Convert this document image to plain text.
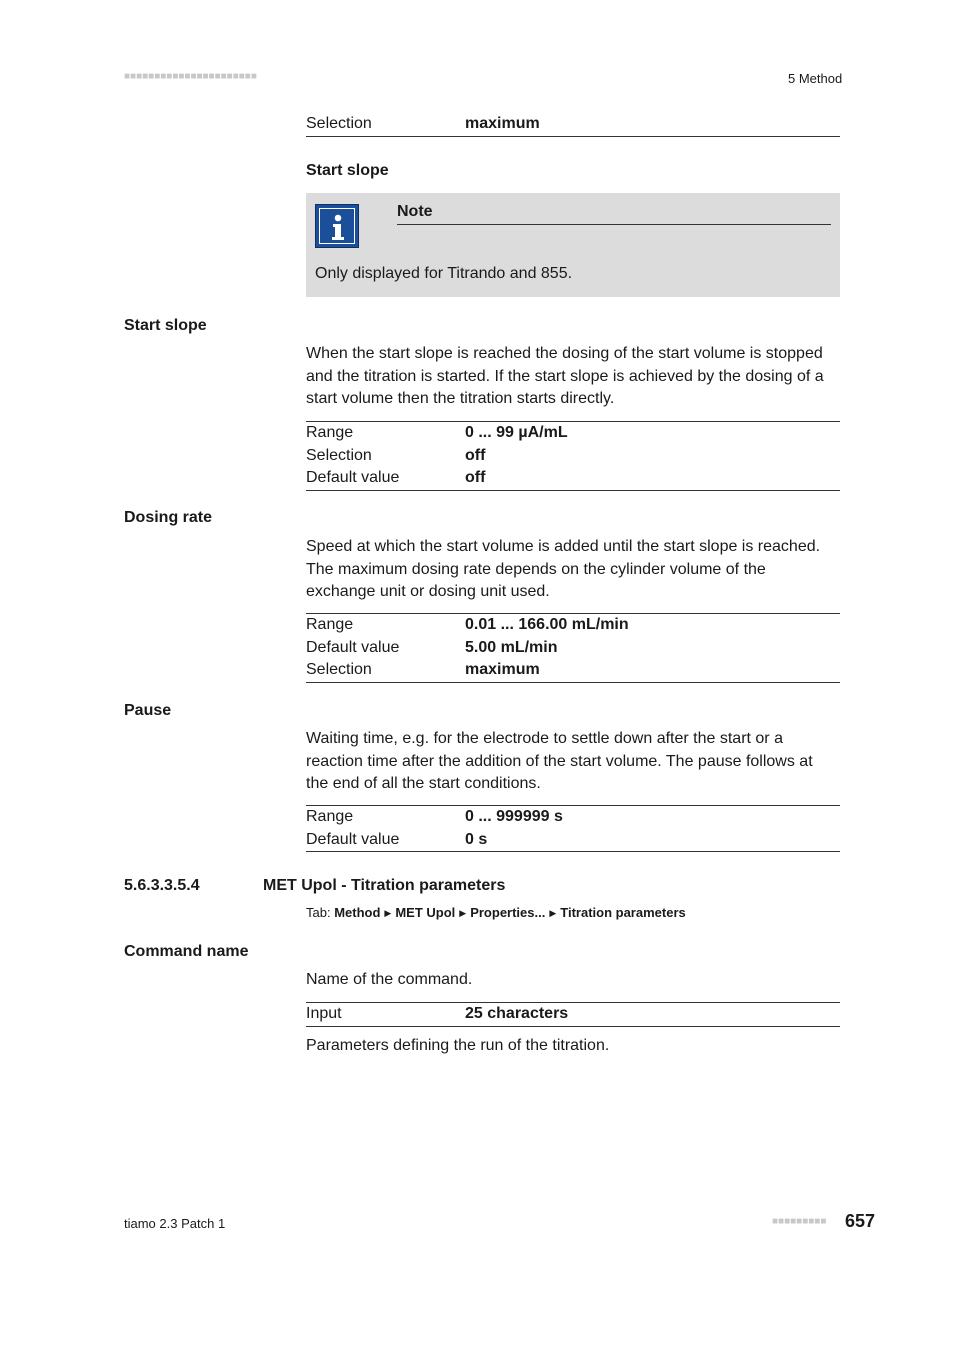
■■■■■■■■■■■■■■■■■■■■■■	5 Method
Selection	maximum
Start slope
Note
Only displayed for Titrando and 855.
Start slope
When the start slope is reached the dosing of the start volume is stopped
and the titration is started. If the start slope is achieved by the dosing of a
start volume then the titration starts directly.
Range	0 ... 99 µA/mL
Selection	off
Default value	off
Dosing rate
Speed at which the start volume is added until the start slope is reached.
The maximum dosing rate depends on the cylinder volume of the
exchange unit or dosing unit used.
Range	0.01 ... 166.00 mL/min
Default value	5.00 mL/min
Selection	maximum
Pause
Waiting time, e.g. for the electrode to settle down after the start or a
reaction time after the addition of the start volume. The pause follows at
the end of all the start conditions.
Range	0 ... 999999 s
Default value	0 s
5.6.3.3.5.4	MET Upol - Titration parameters
Tab: Method ▶ MET Upol ▶ Properties... ▶ Titration parameters
Command name
Name of the command.
Input	25 characters
Parameters defining the run of the titration.
tiamo 2.3 Patch 1	■■■■■■■■■ 657
